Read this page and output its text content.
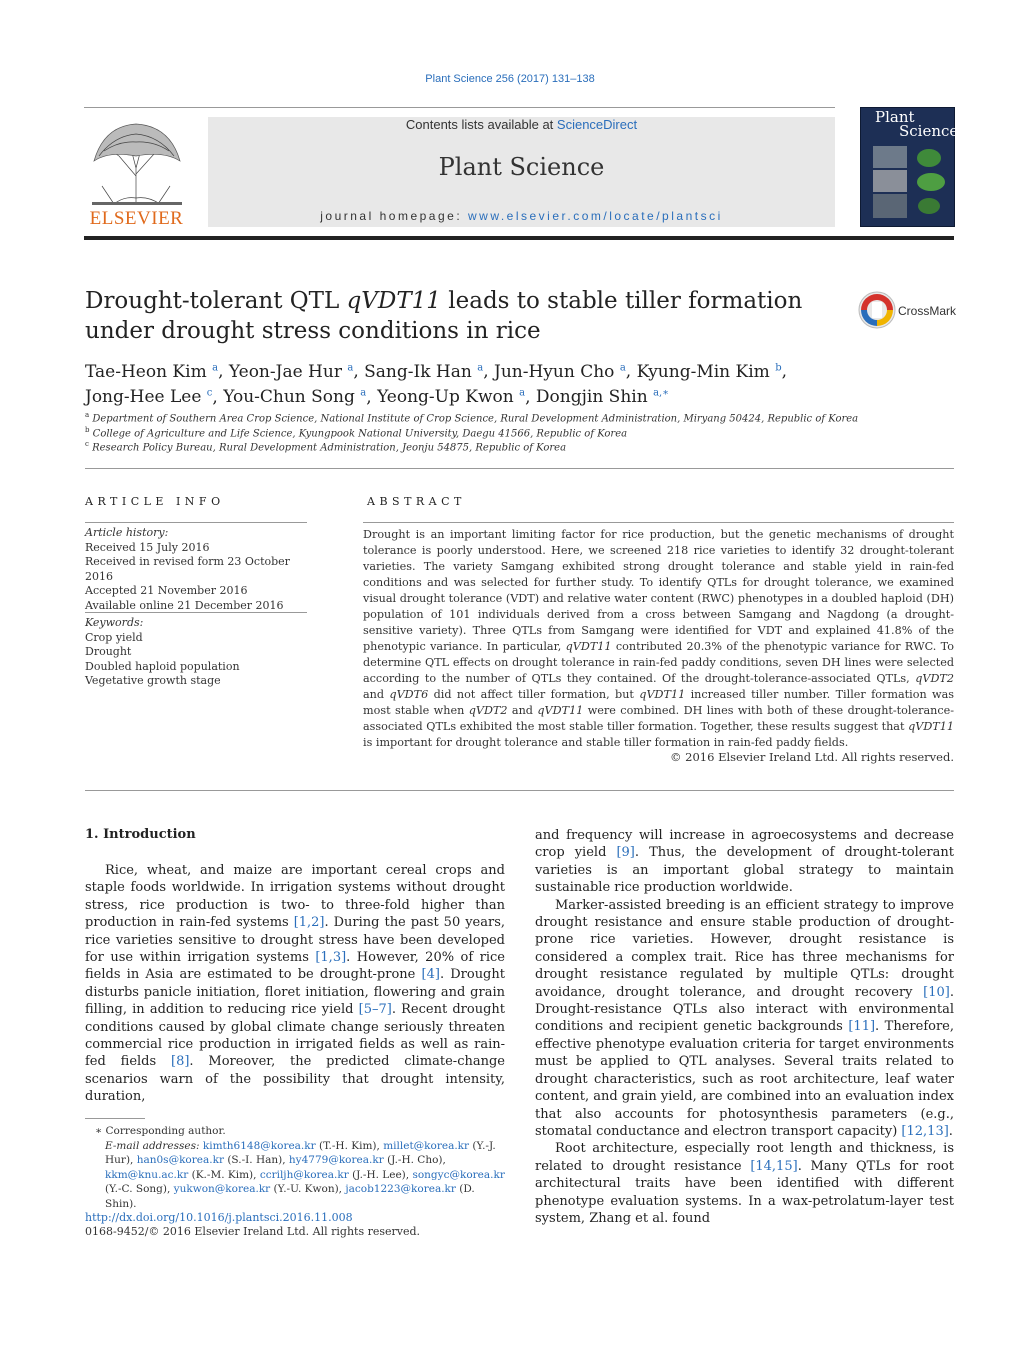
Plant Science 256 (2017) 131–138
ELSEVIER
Contents lists available at ScienceDirect
Plant Science
journal homepage: www.elsevier.com/locate/plantsci
Plant
Science
Drought-tolerant QTL qVDT11 leads to stable tiller formation under drought stress conditions in rice
CrossMark
Tae-Heon Kim $^a$, Yeon-Jae Hur $^a$, Sang-Ik Han $^a$, Jun-Hyun Cho $^a$, Kyung-Min Kim $^b$,
Jong-Hee Lee $^c$, You-Chun Song $^a$, Yeong-Up Kwon $^a$, Dongjin Shin $^{a,∗}$
$^a$ Department of Southern Area Crop Science, National Institute of Crop Science, Rural Development Administration, Miryang 50424, Republic of Korea
$^b$ College of Agriculture and Life Science, Kyungpook National University, Daegu 41566, Republic of Korea
$^c$ Research Policy Bureau, Rural Development Administration, Jeonju 54875, Republic of Korea
ARTICLE INFO
Article history:
Received 15 July 2016
Received in revised form 23 October 2016
Accepted 21 November 2016
Available online 21 December 2016
Keywords:
Crop yield
Drought
Doubled haploid population
Vegetative growth stage
ABSTRACT
Drought is an important limiting factor for rice production, but the genetic mechanisms of drought tolerance is poorly understood. Here, we screened 218 rice varieties to identify 32 drought-tolerant varieties. The variety Samgang exhibited strong drought tolerance and stable yield in rain-fed conditions and was selected for further study. To identify QTLs for drought tolerance, we examined visual drought tolerance (VDT) and relative water content (RWC) phenotypes in a doubled haploid (DH) population of 101 individuals derived from a cross between Samgang and Nagdong (a drought-sensitive variety). Three QTLs from Samgang were identified for VDT and explained 41.8% of the phenotypic variance. In particular, qVDT11 contributed 20.3% of the phenotypic variance for RWC. To determine QTL effects on drought tolerance in rain-fed paddy conditions, seven DH lines were selected according to the number of QTLs they contained. Of the drought-tolerance-associated QTLs, qVDT2 and qVDT6 did not affect tiller formation, but qVDT11 increased tiller number. Tiller formation was most stable when qVDT2 and qVDT11 were combined. DH lines with both of these drought-tolerance-associated QTLs exhibited the most stable tiller formation. Together, these results suggest that qVDT11 is important for drought tolerance and stable tiller formation in rain-fed paddy fields.
© 2016 Elsevier Ireland Ltd. All rights reserved.
1. Introduction

Rice, wheat, and maize are important cereal crops and staple foods worldwide. In irrigation systems without drought stress, rice production is two- to three-fold higher than production in rain-fed systems [1,2]. During the past 50 years, rice varieties sensitive to drought stress have been developed for use within irrigation systems [1,3]. However, 20% of rice fields in Asia are estimated to be drought-prone [4]. Drought disturbs panicle initiation, floret initiation, flowering and grain filling, in addition to reducing rice yield [5–7]. Recent drought conditions caused by global climate change seriously threaten commercial rice production in irrigated fields as well as rain-fed fields [8]. Moreover, the predicted climate-change scenarios warn of the possibility that drought intensity, duration,

and frequency will increase in agroecosystems and decrease crop yield [9]. Thus, the development of drought-tolerant varieties is an important global strategy to maintain sustainable rice production worldwide.

Marker-assisted breeding is an efficient strategy to improve drought resistance and ensure stable production of drought-prone rice varieties. However, drought resistance is considered a complex trait. Rice has three mechanisms for drought resistance regulated by multiple QTLs: drought avoidance, drought tolerance, and drought recovery [10]. Drought-resistance QTLs also interact with environmental conditions and recipient genetic backgrounds [11]. Therefore, effective phenotype evaluation criteria for target environments must be applied to QTL analyses. Several traits related to drought characteristics, such as root architecture, leaf water content, and grain yield, are combined into an evaluation index that also accounts for photosynthesis parameters (e.g., stomatal conductance and electron transport capacity) [12,13].

Root architecture, especially root length and thickness, is related to drought resistance [14,15]. Many QTLs for root architectural traits have been identified with different phenotype evaluation systems. In a wax-petrolatum-layer test system, Zhang et al. found

∗ Corresponding author.
E-mail addresses: kimth6148@korea.kr (T.-H. Kim), millet@korea.kr (Y.-J. Hur), han0s@korea.kr (S.-I. Han), hy4779@korea.kr (J.-H. Cho), kkm@knu.ac.kr (K.-M. Kim), ccriljh@korea.kr (J.-H. Lee), songyc@korea.kr (Y.-C. Song), yukwon@korea.kr (Y.-U. Kwon), jacob1223@korea.kr (D. Shin).
http://dx.doi.org/10.1016/j.plantsci.2016.11.008
0168-9452/© 2016 Elsevier Ireland Ltd. All rights reserved.
